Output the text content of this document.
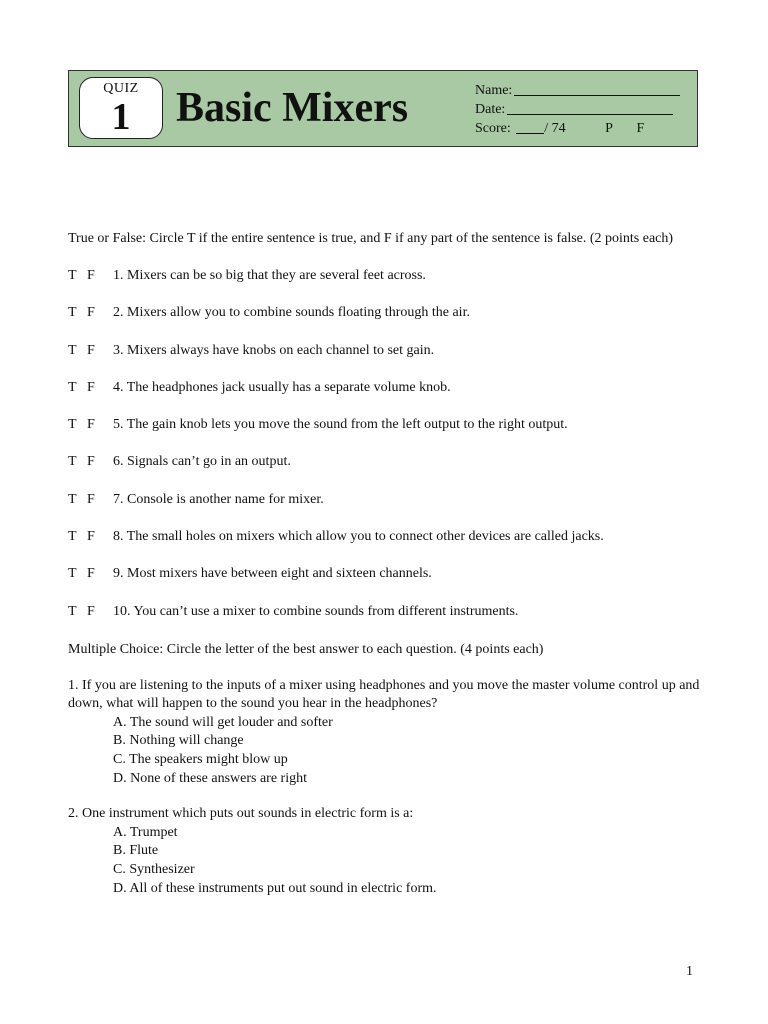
QUIZ
1	Basic Mixers	Name:
Date:
Score: / 74	P F

True or False: Circle T if the entire sentence is true, and F if any part of the sentence is false. (2 points each)

T F 1. Mixers can be so big that they are several feet across.
T F 2. Mixers allow you to combine sounds floating through the air.
T F 3. Mixers always have knobs on each channel to set gain.
T F 4. The headphones jack usually has a separate volume knob.
T F 5. The gain knob lets you move the sound from the left output to the right output.
T F 6. Signals can’t go in an output.
T F 7. Console is another name for mixer.
T F 8. The small holes on mixers which allow you to connect other devices are called jacks.
T F 9. Most mixers have between eight and sixteen channels.
T F 10. You can’t use a mixer to combine sounds from different instruments.

Multiple Choice: Circle the letter of the best answer to each question. (4 points each)

1. If you are listening to the inputs of a mixer using headphones and you move the master volume control up and down, what will happen to the sound you hear in the headphones?

A. The sound will get louder and softer
B. Nothing will change
C. The speakers might blow up
D. None of these answers are right

2. One instrument which puts out sounds in electric form is a:

A. Trumpet
B. Flute
C. Synthesizer
D. All of these instruments put out sound in electric form.
1
